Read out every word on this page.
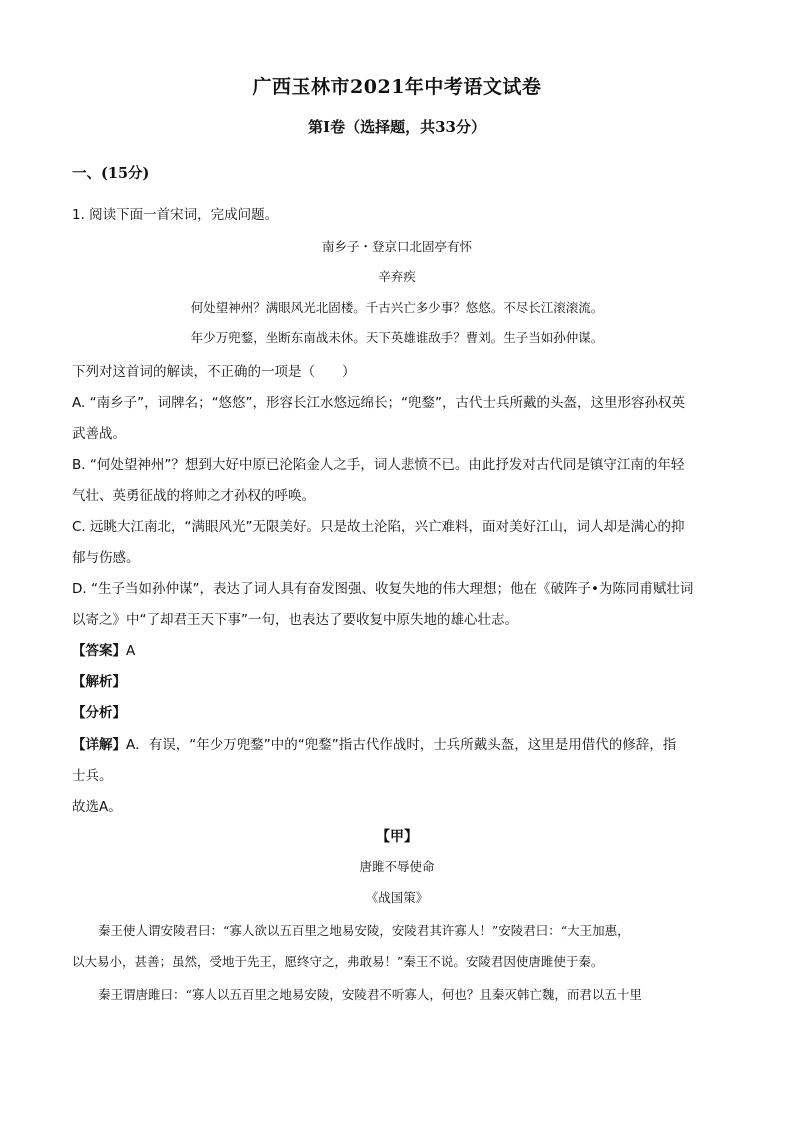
广西玉林市2021年中考语文试卷
第I卷（选择题，共33分）
一、(15分)
1. 阅读下面一首宋词，完成问题。
南乡子・登京口北固亭有怀
辛弃疾
何处望神州？满眼风光北固楼。千古兴亡多少事？悠悠。不尽长江滚滚流。
年少万兜鍪，坐断东南战未休。天下英雄谁敌手？曹刘。生子当如孙仲谋。
下列对这首词的解读，不正确的一项是（　　）
A. “南乡子”，词牌名；“悠悠”，形容长江水悠远绵长；“兜鍪”，古代士兵所戴的头盔，这里形容孙权英
武善战。
B. “何处望神州”？想到大好中原已沦陷金人之手，词人悲愤不已。由此抒发对古代同是镇守江南的年轻
气壮、英勇征战的将帅之才孙权的呼唤。
C. 远眺大江南北，“满眼风光”无限美好。只是故土沦陷，兴亡难料，面对美好江山，词人却是满心的抑
郁与伤感。
D. “生子当如孙仲谋”，表达了词人具有奋发图强、收复失地的伟大理想；他在《破阵子•为陈同甫赋壮词
以寄之》中“了却君王天下事”一句，也表达了要收复中原失地的雄心壮志。
【答案】A
【解析】
【分析】
【详解】A．有误，“年少万兜鍪”中的“兜鍪”指古代作战时，士兵所戴头盔，这里是用借代的修辞，指
士兵。
故选A。
【甲】
唐雎不辱使命
《战国策》
秦王使人谓安陵君曰：“寡人欲以五百里之地易安陵，安陵君其许寡人！”安陵君曰：“大王加惠，
以大易小，甚善；虽然，受地于先王，愿终守之，弗敢易！”秦王不说。安陵君因使唐雎使于秦。
秦王谓唐雎曰：“寡人以五百里之地易安陵，安陵君不听寡人，何也？且秦灭韩亡魏，而君以五十里
